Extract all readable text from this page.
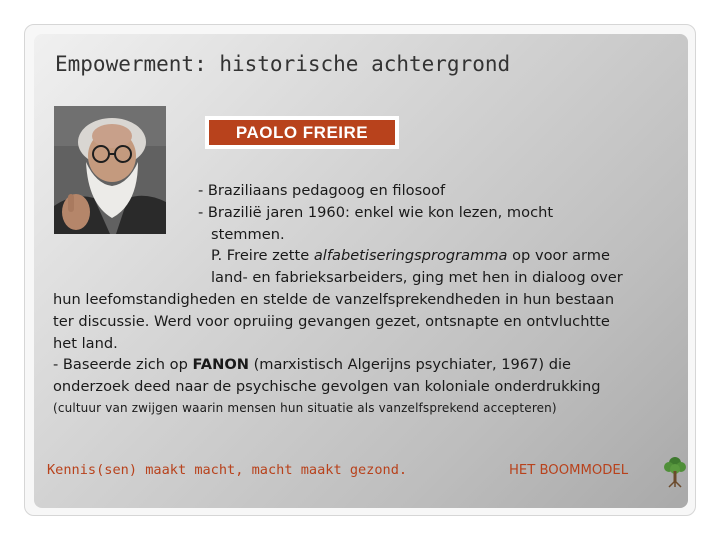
Empowerment: historische achtergrond
PAOLO FREIRE
- Braziliaans pedagoog en filosoof
- Brazilië jaren 1960: enkel wie kon lezen, mocht
stemmen.
P. Freire zette alfabetiseringsprogramma op voor arme
land- en fabrieksarbeiders, ging met hen in dialoog over
hun leefomstandigheden en stelde de vanzelfsprekendheden in hun bestaan
ter discussie. Werd voor opruiing gevangen gezet, ontsnapte en ontvluchtte
het land.
- Baseerde zich op FANON (marxistisch Algerijns psychiater, 1967) die
onderzoek deed naar de psychische gevolgen van koloniale onderdrukking
(cultuur van zwijgen waarin mensen hun situatie als vanzelfsprekend accepteren)
Kennis(sen) maakt macht, macht maakt gezond.	HET BOOMMODEL
